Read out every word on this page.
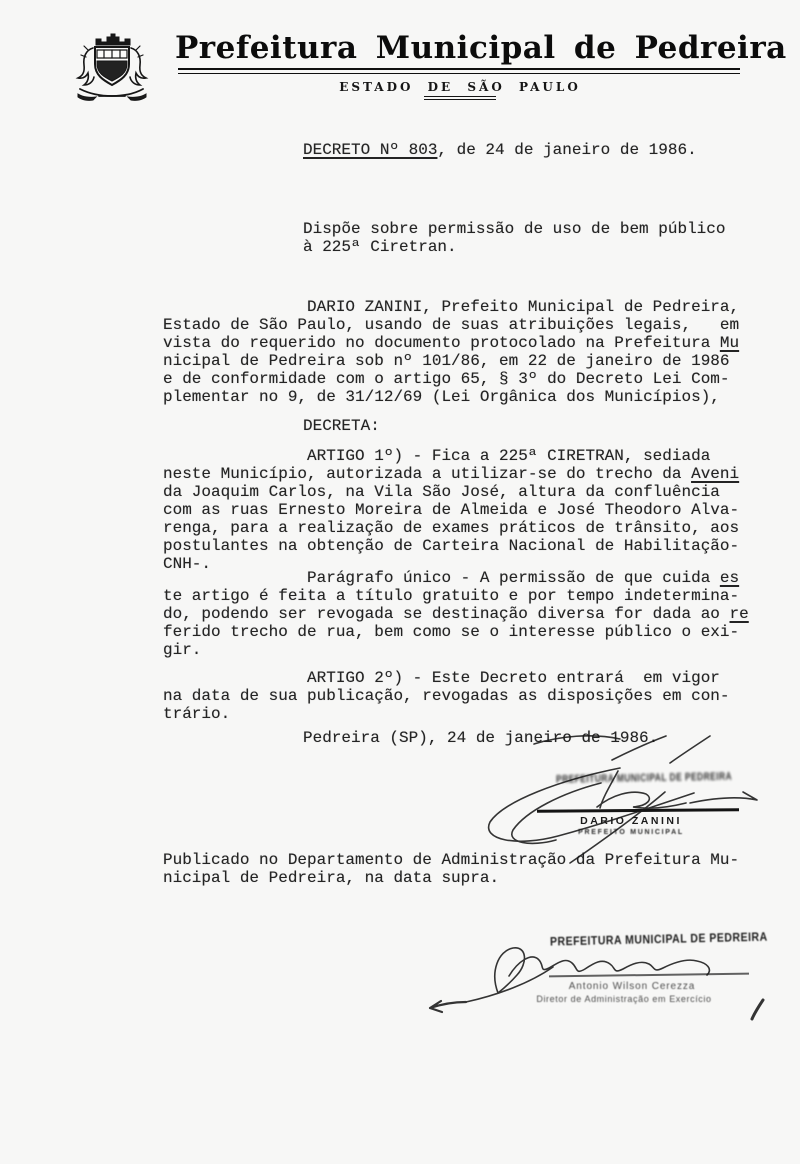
Prefeitura Municipal de Pedreira
ESTADO DE SÃO PAULO
DECRETO Nº 803, de 24 de janeiro de 1986.
Dispõe sobre permissão de uso de bem público
à 225ª Ciretran.
DARIO ZANINI, Prefeito Municipal de Pedreira,
Estado de São Paulo, usando de suas atribuições legais,   em
vista do requerido no documento protocolado na Prefeitura Mu
nicipal de Pedreira sob nº 101/86, em 22 de janeiro de 1986
e de conformidade com o artigo 65, § 3º do Decreto Lei Com-
plementar no 9, de 31/12/69 (Lei Orgânica dos Municípios),
DECRETA:
ARTIGO 1º) - Fica a 225ª CIRETRAN, sediada
neste Município, autorizada a utilizar-se do trecho da Aveni
da Joaquim Carlos, na Vila São José, altura da confluência
com as ruas Ernesto Moreira de Almeida e José Theodoro Alva-
renga, para a realização de exames práticos de trânsito, aos
postulantes na obtenção de Carteira Nacional de Habilitação-
CNH-.
Parágrafo único - A permissão de que cuida es
te artigo é feita a título gratuito e por tempo indetermina-
do, podendo ser revogada se destinação diversa for dada ao re
ferido trecho de rua, bem como se o interesse público o exi-
gir.
ARTIGO 2º) - Este Decreto entrará  em vigor
na data de sua publicação, revogadas as disposições em con-
trário.
Pedreira (SP), 24 de janeiro de 1986.
PREFEITURA MUNICIPAL DE PEDREIRA
DARIO ZANINI
PREFEITO MUNICIPAL
Publicado no Departamento de Administração da Prefeitura Mu-
nicipal de Pedreira, na data supra.
PREFEITURA MUNICIPAL DE PEDREIRA
Antonio Wilson Cerezza
Diretor de Administração em Exercício
